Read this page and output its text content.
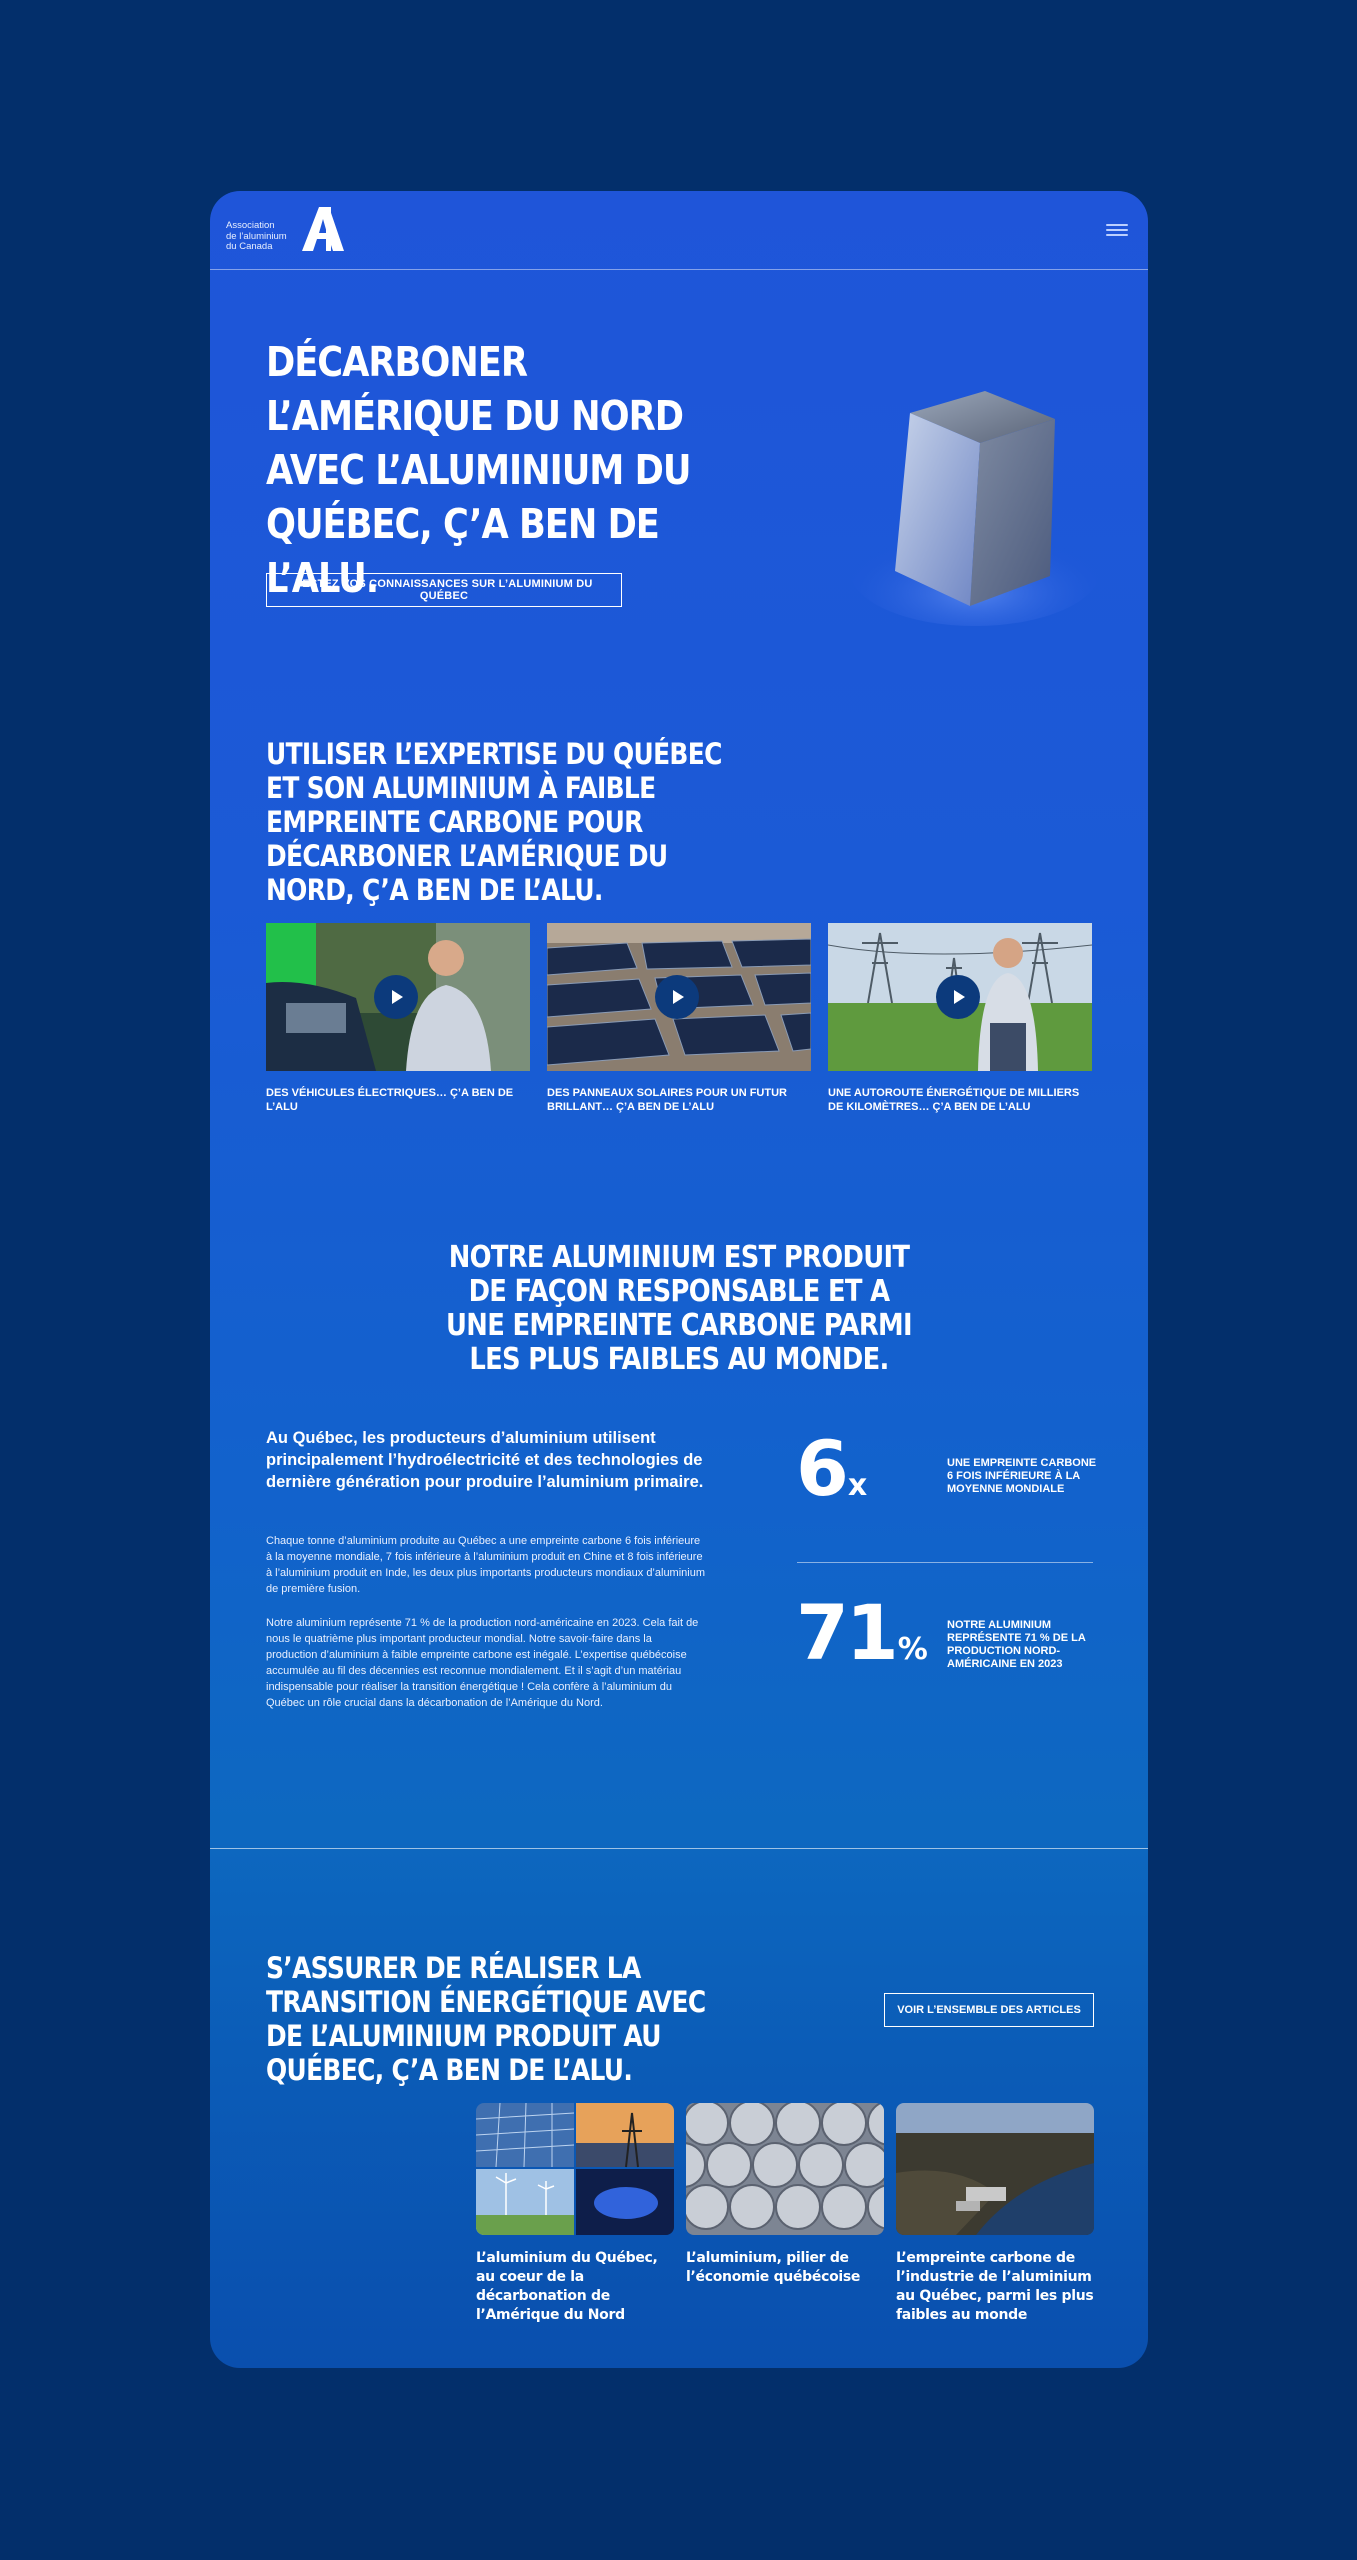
Association
de l’aluminium
du Canada
DÉCARBONER L’AMÉRIQUE DU NORD AVEC L’ALUMINIUM DU QUÉBEC, Ç’A BEN DE L’ALU.
TESTEZ VOS CONNAISSANCES SUR L’ALUMINIUM DU QUÉBEC
UTILISER L’EXPERTISE DU QUÉBEC ET SON ALUMINIUM À FAIBLE EMPREINTE CARBONE POUR DÉCARBONER L’AMÉRIQUE DU NORD, Ç’A BEN DE L’ALU.
DES VÉHICULES ÉLECTRIQUES… Ç’A BEN DE L’ALU
DES PANNEAUX SOLAIRES POUR UN FUTUR BRILLANT… Ç’A BEN DE L’ALU
UNE AUTOROUTE ÉNERGÉTIQUE DE MILLIERS DE KILOMÈTRES… Ç’A BEN DE L’ALU
NOTRE ALUMINIUM EST PRODUIT DE FAÇON RESPONSABLE ET A UNE EMPREINTE CARBONE PARMI LES PLUS FAIBLES AU MONDE.

Au Québec, les producteurs d’aluminium utilisent principalement l’hydroélectricité et des technologies de dernière génération pour produire l’aluminium primaire.

Chaque tonne d’aluminium produite au Québec a une empreinte carbone 6 fois inférieure à la moyenne mondiale, 7 fois inférieure à l’aluminium produit en Chine et 8 fois inférieure à l’aluminium produit en Inde, les deux plus importants producteurs mondiaux d’aluminium de première fusion.

Notre aluminium représente 71 % de la production nord-américaine en 2023. Cela fait de nous le quatrième plus important producteur mondial. Notre savoir-faire dans la production d’aluminium à faible empreinte carbone est inégalé. L’expertise québécoise accumulée au fil des décennies est reconnue mondialement. Et il s’agit d’un matériau indispensable pour réaliser la transition énergétique ! Cela confère à l’aluminium du Québec un rôle crucial dans la décarbonation de l’Amérique du Nord.

6x
UNE EMPREINTE CARBONE 6 FOIS INFÉRIEURE À LA MOYENNE MONDIALE
71%
NOTRE ALUMINIUM REPRÉSENTE 71 % DE LA PRODUCTION NORD-AMÉRICAINE EN 2023
S’ASSURER DE RÉALISER LA TRANSITION ÉNERGÉTIQUE AVEC DE L’ALUMINIUM PRODUIT AU QUÉBEC, Ç’A BEN DE L’ALU.
VOIR L’ENSEMBLE DES ARTICLES

L’aluminium du Québec, au coeur de la décarbonation de l’Amérique du Nord

L’aluminium, pilier de l’économie québécoise

L’empreinte carbone de l’industrie de l’aluminium au Québec, parmi les plus faibles au monde
